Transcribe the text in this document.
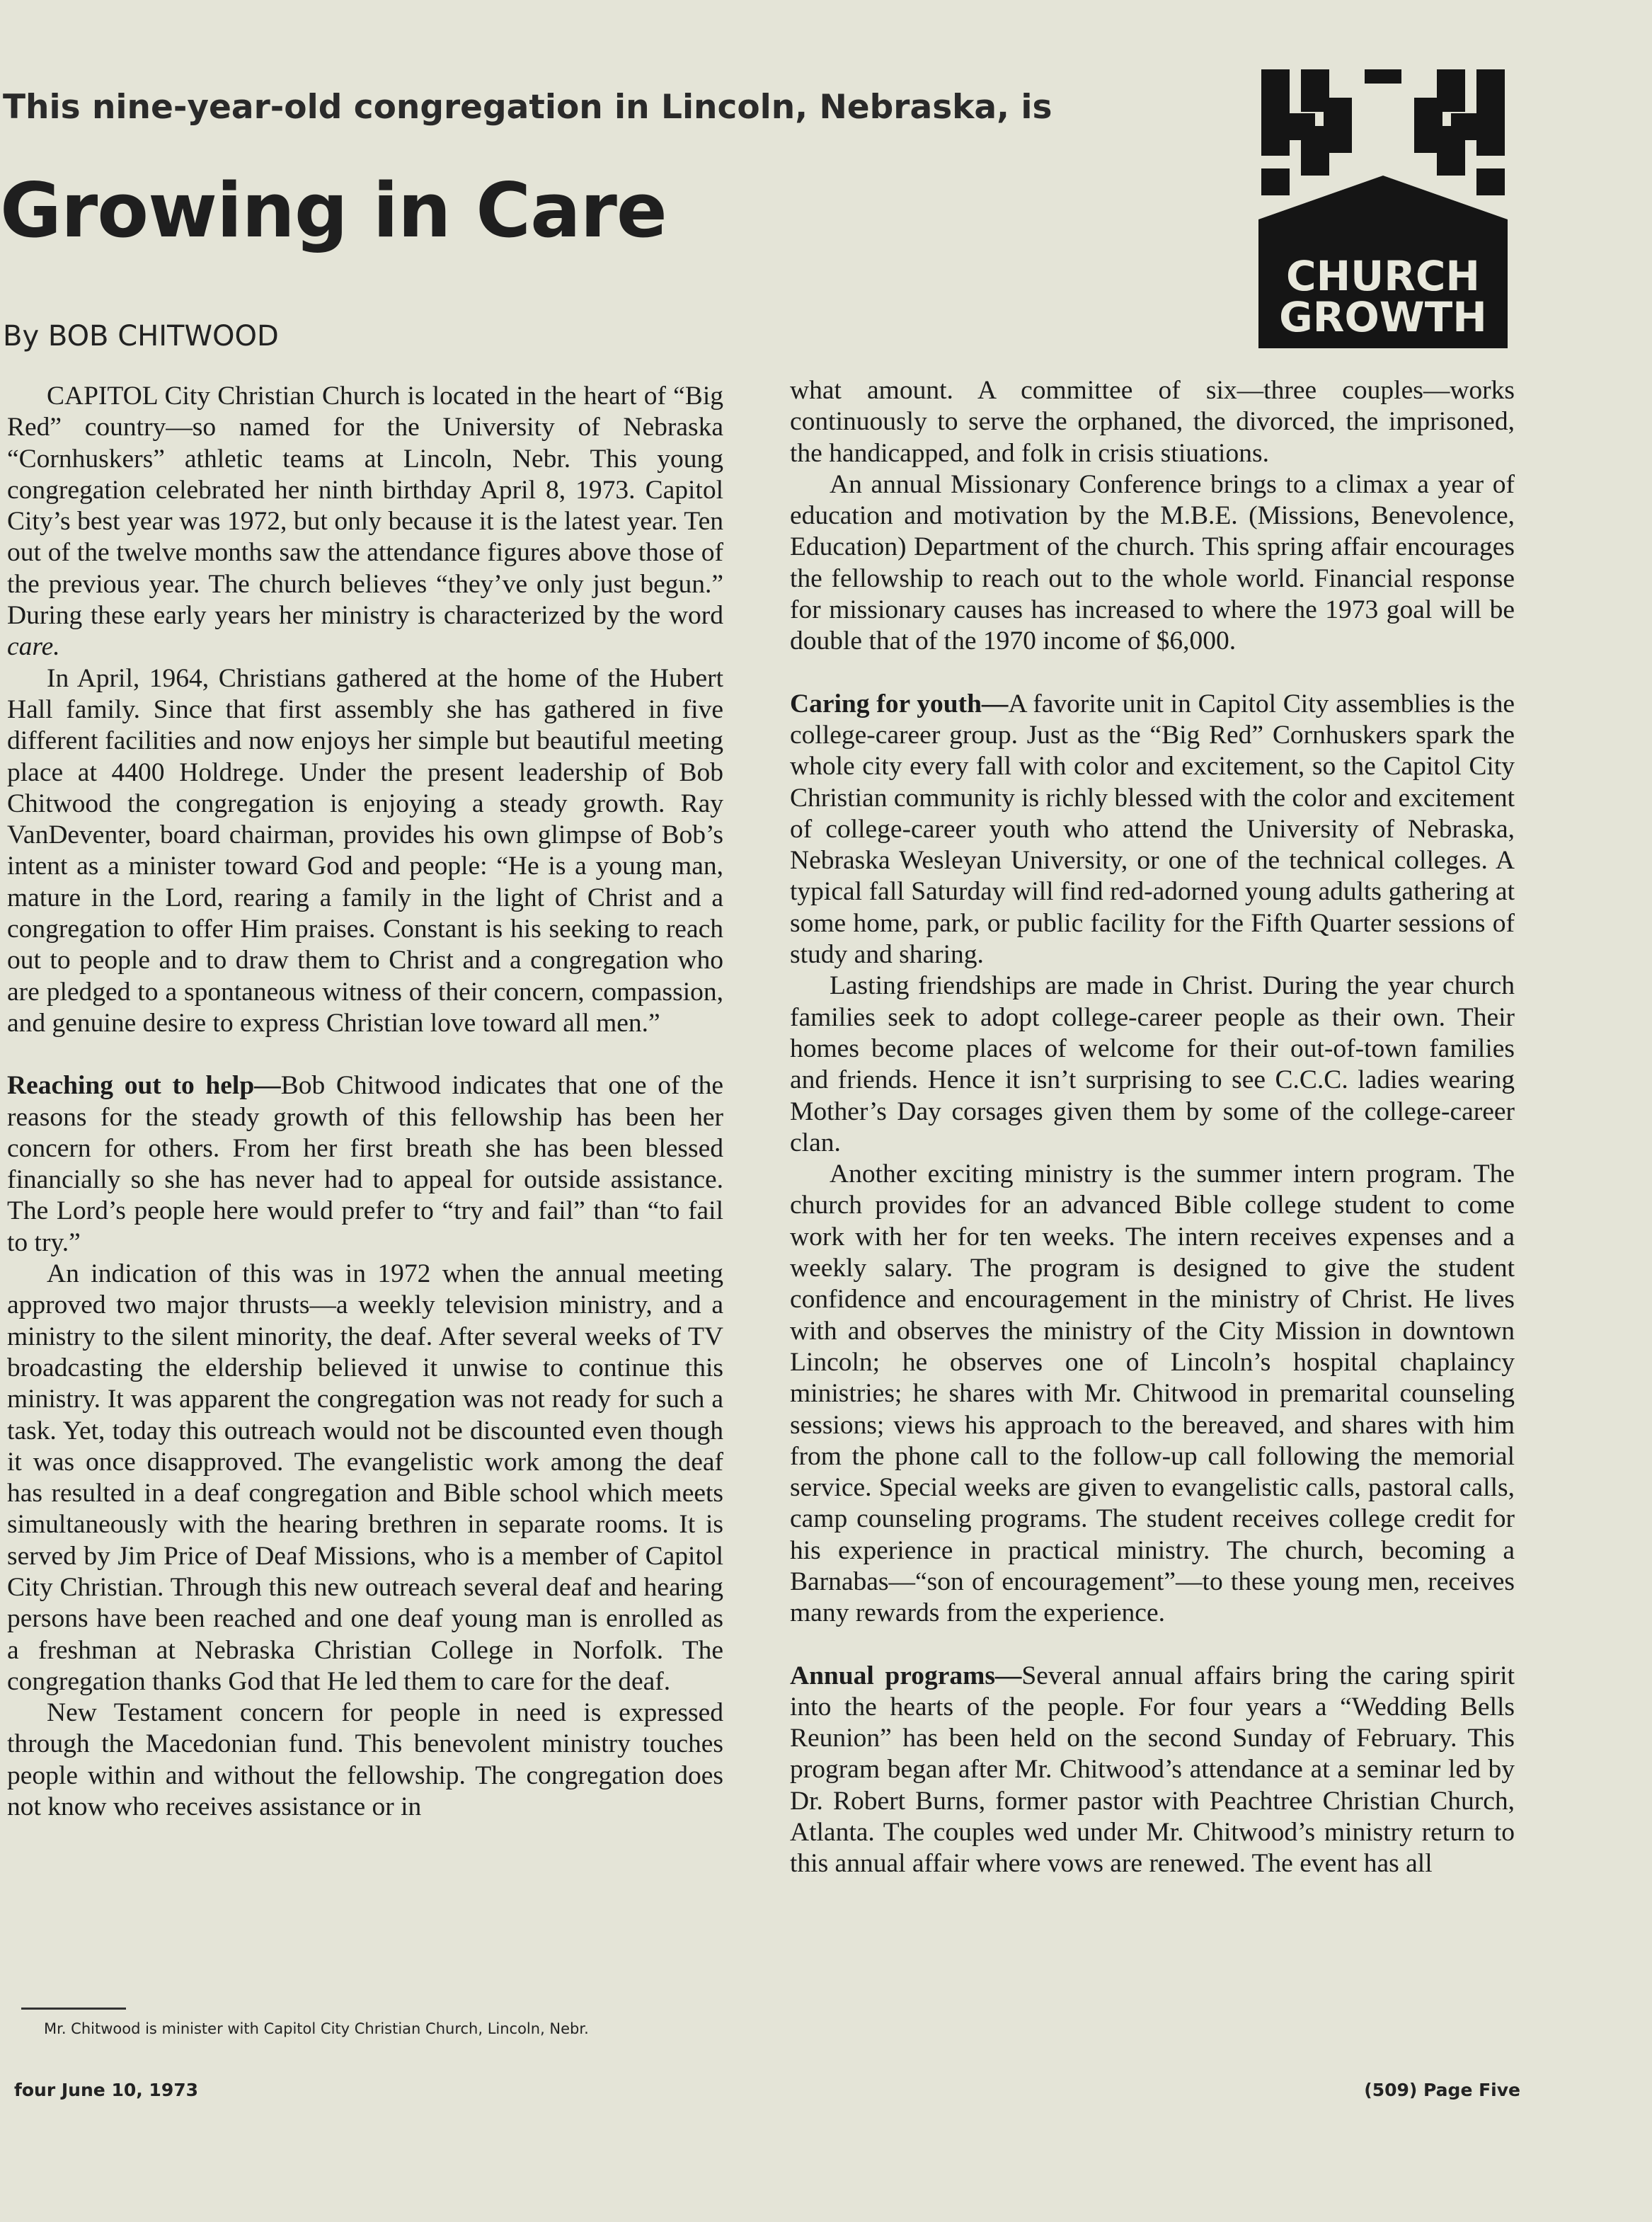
This nine-year-old congregation in Lincoln, Nebraska, is
Growing in Care
By BOB CHITWOOD
CHURCH
GROWTH

CAPITOL City Christian Church is located in the heart of “Big Red” country—so named for the University of Nebraska “Cornhuskers” athletic teams at Lincoln, Nebr. This young congregation celebrated her ninth birthday April 8, 1973. Capitol City’s best year was 1972, but only because it is the latest year. Ten out of the twelve months saw the attendance figures above those of the previous year. The church believes “they’ve only just begun.” During these early years her ministry is characterized by the word care.

In April, 1964, Christians gathered at the home of the Hubert Hall family. Since that first assembly she has gathered in five different facilities and now enjoys her simple but beautiful meeting place at 4400 Holdrege. Under the present leadership of Bob Chitwood the congregation is enjoying a steady growth. Ray VanDeventer, board chairman, provides his own glimpse of Bob’s intent as a minister toward God and people: “He is a young man, mature in the Lord, rearing a family in the light of Christ and a congregation to offer Him praises. Constant is his seeking to reach out to people and to draw them to Christ and a congregation who are pledged to a spontaneous witness of their concern, compassion, and genuine desire to express Christian love toward all men.”

Reaching out to help—Bob Chitwood indicates that one of the reasons for the steady growth of this fellowship has been her concern for others. From her first breath she has been blessed financially so she has never had to appeal for outside assistance. The Lord’s people here would prefer to “try and fail” than “to fail to try.”

An indication of this was in 1972 when the annual meeting approved two major thrusts—a weekly television ministry, and a ministry to the silent minority, the deaf. After several weeks of TV broadcasting the eldership believed it unwise to continue this ministry. It was apparent the congregation was not ready for such a task. Yet, today this outreach would not be discounted even though it was once disapproved. The evangelistic work among the deaf has resulted in a deaf congregation and Bible school which meets simultaneously with the hearing brethren in separate rooms. It is served by Jim Price of Deaf Missions, who is a member of Capitol City Christian. Through this new outreach several deaf and hearing persons have been reached and one deaf young man is enrolled as a freshman at Nebraska Christian College in Norfolk. The congregation thanks God that He led them to care for the deaf.

New Testament concern for people in need is expressed through the Macedonian fund. This benevolent ministry touches people within and without the fellowship. The congregation does not know who receives assistance or in

what amount. A committee of six—three couples—works continuously to serve the orphaned, the divorced, the imprisoned, the handicapped, and folk in crisis stiuations.

An annual Missionary Conference brings to a climax a year of education and motivation by the M.B.E. (Missions, Benevolence, Education) Department of the church. This spring affair encourages the fellowship to reach out to the whole world. Financial response for missionary causes has increased to where the 1973 goal will be double that of the 1970 income of $6,000.

Caring for youth—A favorite unit in Capitol City assemblies is the college-career group. Just as the “Big Red” Cornhuskers spark the whole city every fall with color and excitement, so the Capitol City Christian community is richly blessed with the color and excitement of college-career youth who attend the University of Nebraska, Nebraska Wesleyan University, or one of the technical colleges. A typical fall Saturday will find red-adorned young adults gathering at some home, park, or public facility for the Fifth Quarter sessions of study and sharing.

Lasting friendships are made in Christ. During the year church families seek to adopt college-career people as their own. Their homes become places of welcome for their out-of-town families and friends. Hence it isn’t surprising to see C.C.C. ladies wearing Mother’s Day corsages given them by some of the college-career clan.

Another exciting ministry is the summer intern program. The church provides for an advanced Bible college student to come work with her for ten weeks. The intern receives expenses and a weekly salary. The program is designed to give the student confidence and encouragement in the ministry of Christ. He lives with and observes the ministry of the City Mission in downtown Lincoln; he observes one of Lincoln’s hospital chaplaincy ministries; he shares with Mr. Chitwood in premarital counseling sessions; views his approach to the bereaved, and shares with him from the phone call to the follow-up call following the memorial service. Special weeks are given to evangelistic calls, pastoral calls, camp counseling programs. The student receives college credit for his experience in practical ministry. The church, becoming a Barnabas—“son of encouragement”—to these young men, receives many rewards from the experience.

Annual programs—Several annual affairs bring the caring spirit into the hearts of the people. For four years a “Wedding Bells Reunion” has been held on the second Sunday of February. This program began after Mr. Chitwood’s attendance at a seminar led by Dr. Robert Burns, former pastor with Peachtree Christian Church, Atlanta. The couples wed under Mr. Chitwood’s ministry return to this annual affair where vows are renewed. The event has all

Mr. Chitwood is minister with Capitol City Christian Church, Lincoln, Nebr.
four June 10, 1973	(509) Page Five
